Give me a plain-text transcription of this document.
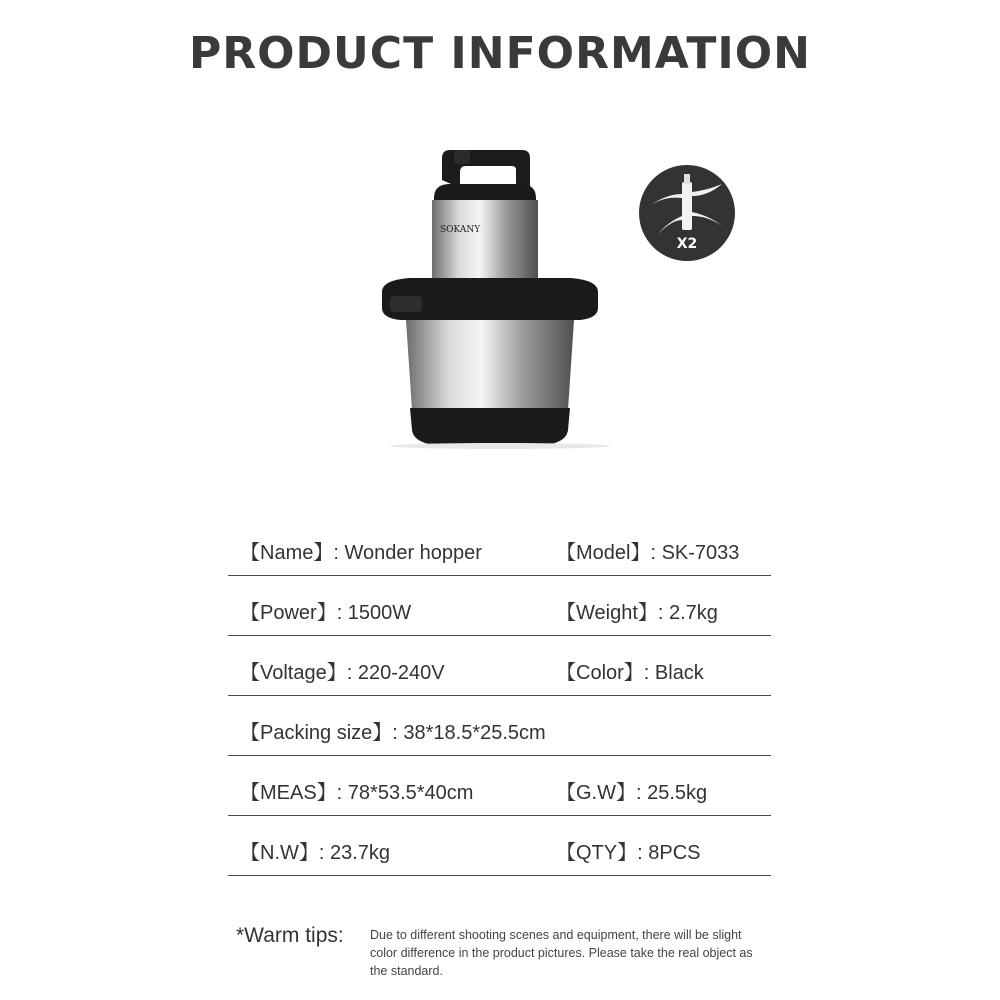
PRODUCT INFORMATION
SOKANY
X2
【Name】: Wonder hopper	【Model】: SK-7033
【Power】: 1500W	【Weight】: 2.7kg
【Voltage】: 220-240V	【Color】: Black
【Packing size】: 38*18.5*25.5cm
【MEAS】: 78*53.5*40cm	【G.W】: 25.5kg
【N.W】: 23.7kg	【QTY】: 8PCS
*Warm tips: Due to different shooting scenes and equipment, there will be slight color difference in the product pictures. Please take the real object as the standard.
